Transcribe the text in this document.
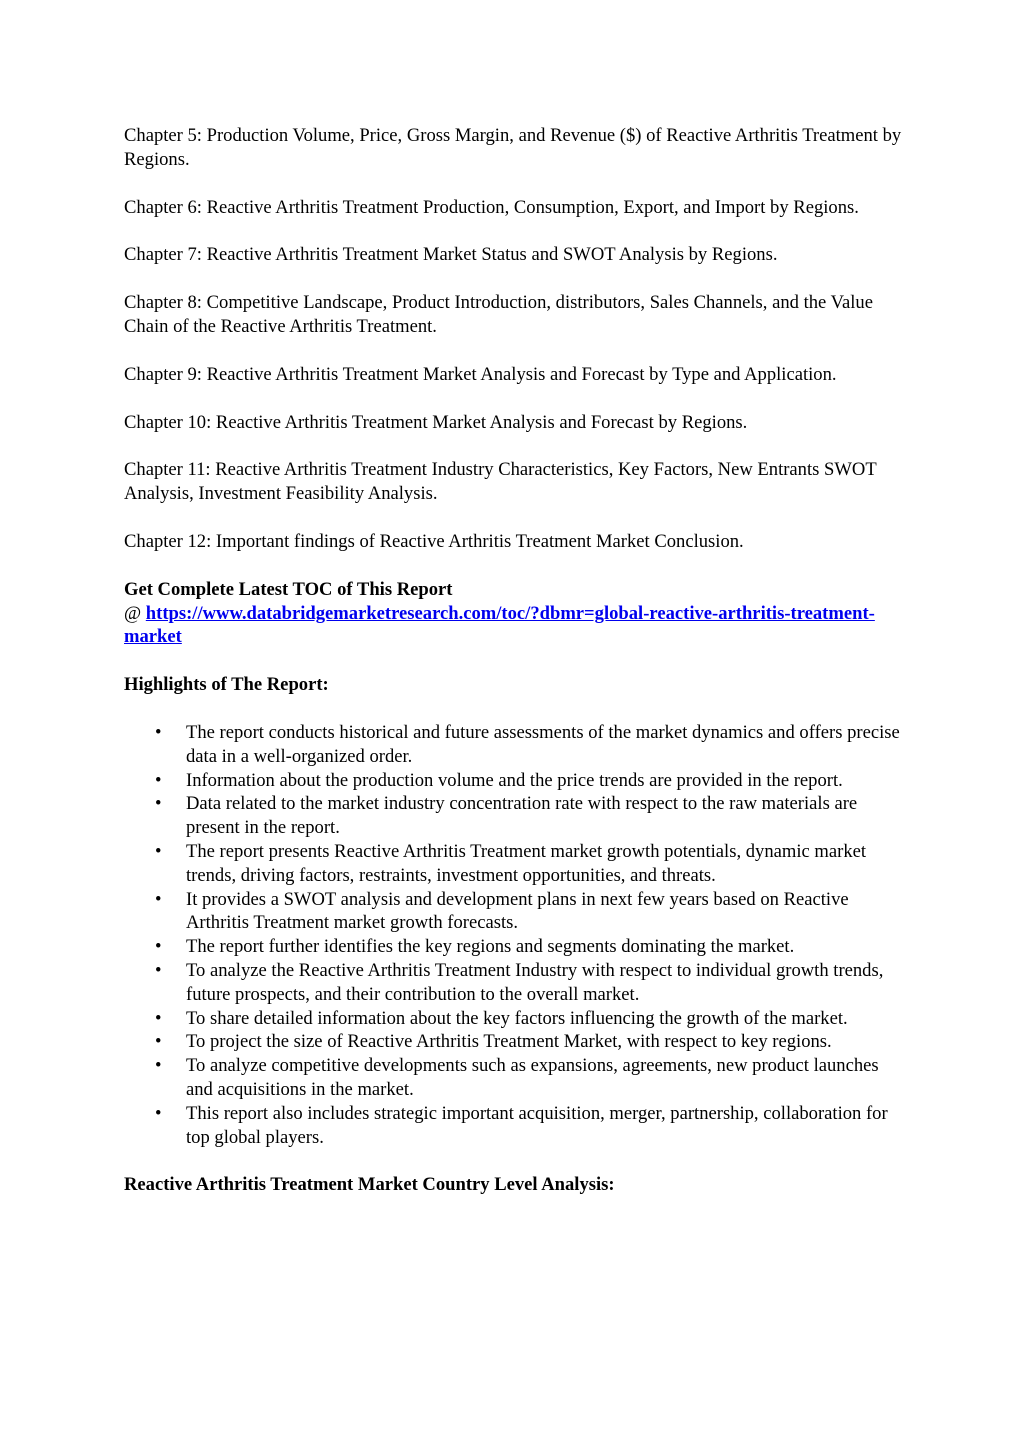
Chapter 5: Production Volume, Price, Gross Margin, and Revenue ($) of Reactive Arthritis Treatment by Regions.

Chapter 6: Reactive Arthritis Treatment Production, Consumption, Export, and Import by Regions.

Chapter 7: Reactive Arthritis Treatment Market Status and SWOT Analysis by Regions.

Chapter 8: Competitive Landscape, Product Introduction, distributors, Sales Channels, and the Value Chain of the Reactive Arthritis Treatment.

Chapter 9: Reactive Arthritis Treatment Market Analysis and Forecast by Type and Application.

Chapter 10: Reactive Arthritis Treatment Market Analysis and Forecast by Regions.

Chapter 11: Reactive Arthritis Treatment Industry Characteristics, Key Factors, New Entrants SWOT Analysis, Investment Feasibility Analysis.

Chapter 12: Important findings of Reactive Arthritis Treatment Market Conclusion.

Get Complete Latest TOC of This Report
@ https://www.databridgemarketresearch.com/toc/?dbmr=global-reactive-arthritis-treatment-market

Highlights of The Report:

• The report conducts historical and future assessments of the market dynamics and offers precise data in a well-organized order.
• Information about the production volume and the price trends are provided in the report.
• Data related to the market industry concentration rate with respect to the raw materials are present in the report.
• The report presents Reactive Arthritis Treatment market growth potentials, dynamic market trends, driving factors, restraints, investment opportunities, and threats.
• It provides a SWOT analysis and development plans in next few years based on Reactive Arthritis Treatment market growth forecasts.
• The report further identifies the key regions and segments dominating the market.
• To analyze the Reactive Arthritis Treatment Industry with respect to individual growth trends, future prospects, and their contribution to the overall market.
• To share detailed information about the key factors influencing the growth of the market.
• To project the size of Reactive Arthritis Treatment Market, with respect to key regions.
• To analyze competitive developments such as expansions, agreements, new product launches and acquisitions in the market.
• This report also includes strategic important acquisition, merger, partnership, collaboration for top global players.

Reactive Arthritis Treatment Market Country Level Analysis:
